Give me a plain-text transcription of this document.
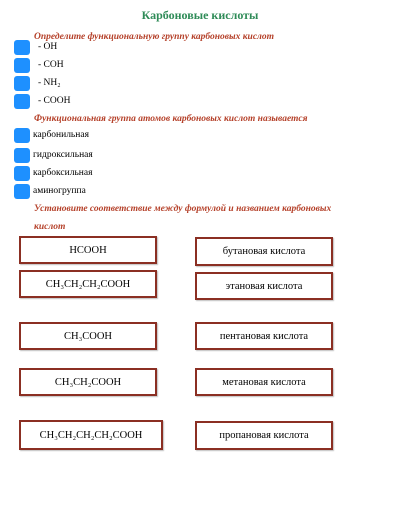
Карбоновые кислоты
Определите функциональную группу карбоновых кислот
- OH
- COH
- NH₂
- COOH
Функциональная группа атомов карбоновых кислот называется
карбонильная
гидроксильная
карбоксильная
аминогруппа
Установите соответствие между формулой и названием карбоновых
кислот
HCOOH
CH₃CH₂CH₂COOH
CH₃COOH
CH₃CH₂COOH
CH₃CH₂CH₂CH₂COOH
бутановая кислота
этановая кислота
пентановая кислота
метановая кислота
пропановая кислота
